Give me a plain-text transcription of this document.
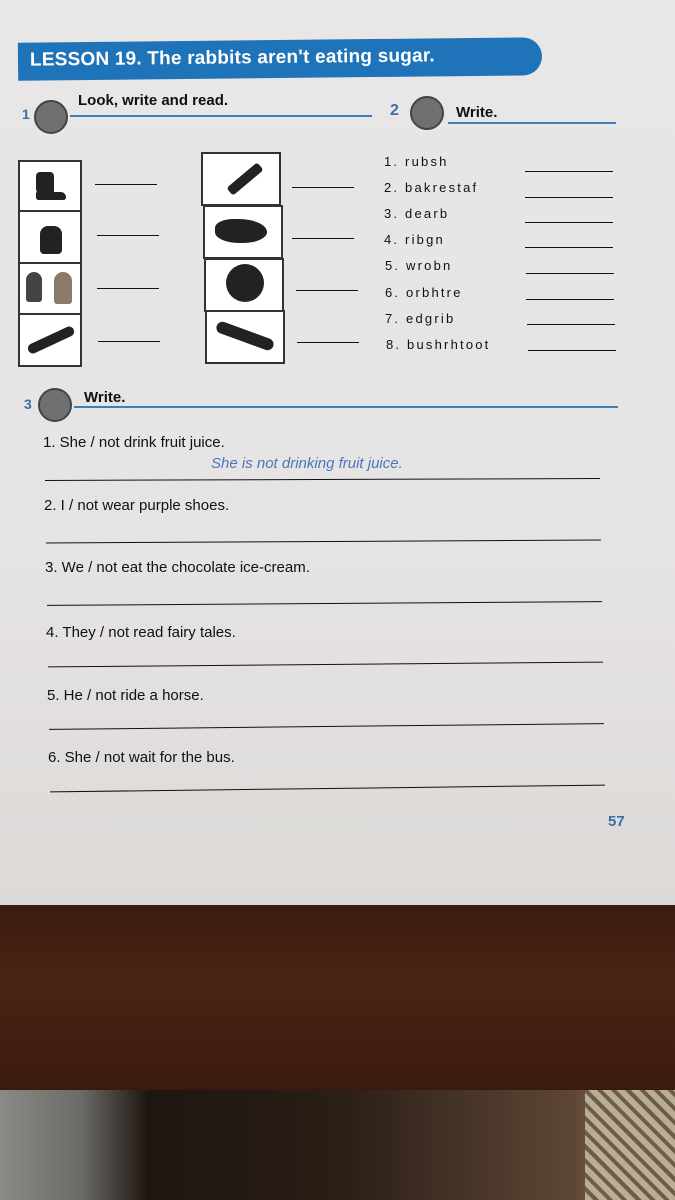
LESSON 19. The rabbits aren't eating sugar.
1
Look, write and read.
2	Write.
1. rubsh
2. bakrestaf
3. dearb
4. ribgn
5. wrobn
6. orbhtre
7. edgrib
8. bushrhtoot
3	Write.
1. She / not drink fruit juice.
She is not drinking fruit juice.
2. I / not wear purple shoes.
3. We / not eat the chocolate ice-cream.
4. They / not read fairy tales.
5. He / not ride a horse.
6. She / not wait for the bus.
57
